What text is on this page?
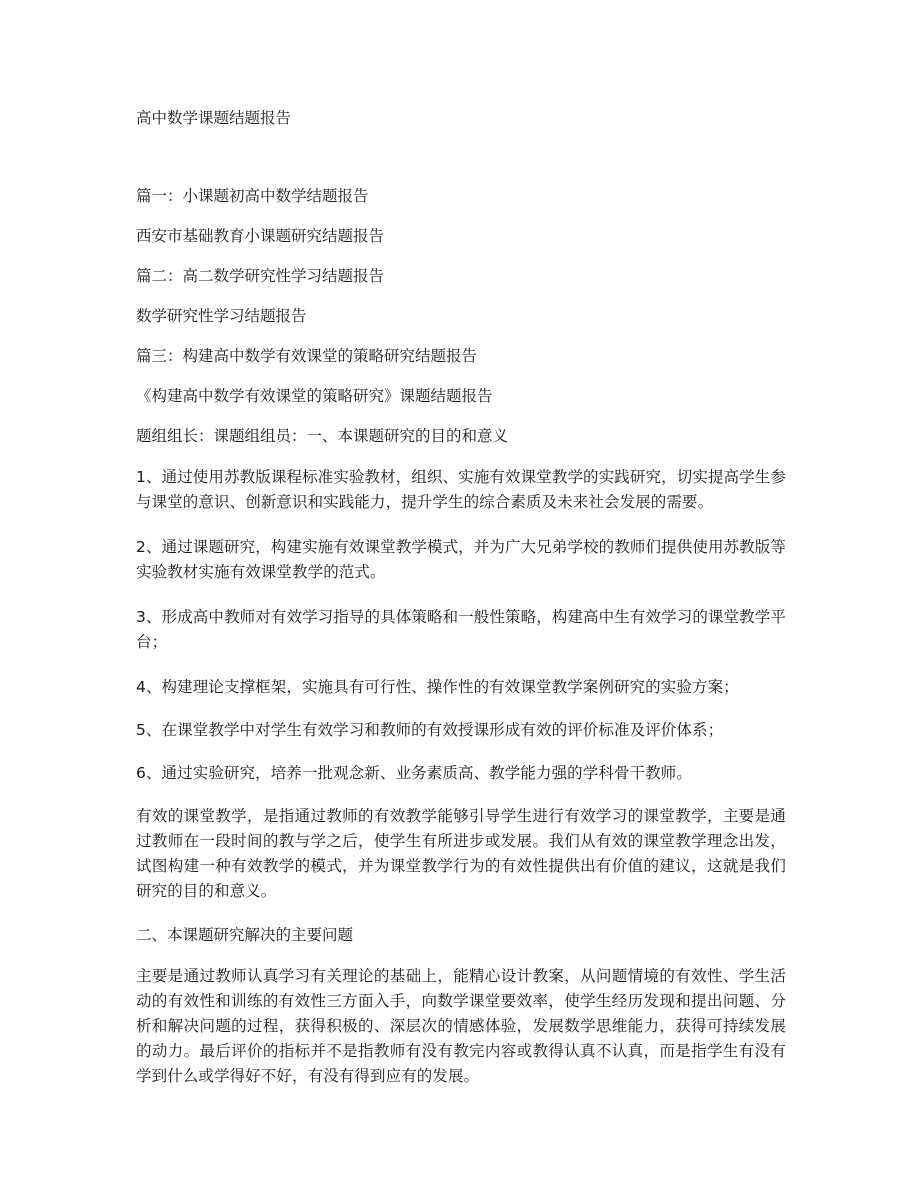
高中数学课题结题报告

篇一：小课题初高中数学结题报告

西安市基础教育小课题研究结题报告

篇二：高二数学研究性学习结题报告

数学研究性学习结题报告

篇三：构建高中数学有效课堂的策略研究结题报告

《构建高中数学有效课堂的策略研究》课题结题报告

题组组长：课题组组员：一、本课题研究的目的和意义

1、通过使用苏教版课程标准实验教材，组织、实施有效课堂教学的实践研究，切实提高学生参与课堂的意识、创新意识和实践能力，提升学生的综合素质及未来社会发展的需要。

2、通过课题研究，构建实施有效课堂教学模式，并为广大兄弟学校的教师们提供使用苏教版等实验教材实施有效课堂教学的范式。

3、形成高中教师对有效学习指导的具体策略和一般性策略，构建高中生有效学习的课堂教学平台；

4、构建理论支撑框架，实施具有可行性、操作性的有效课堂教学案例研究的实验方案；

5、在课堂教学中对学生有效学习和教师的有效授课形成有效的评价标准及评价体系；

6、通过实验研究，培养一批观念新、业务素质高、教学能力强的学科骨干教师。

有效的课堂教学，是指通过教师的有效教学能够引导学生进行有效学习的课堂教学，主要是通过教师在一段时间的教与学之后，使学生有所进步或发展。我们从有效的课堂教学理念出发，试图构建一种有效教学的模式，并为课堂教学行为的有效性提供出有价值的建议，这就是我们研究的目的和意义。

二、本课题研究解决的主要问题

主要是通过教师认真学习有关理论的基础上，能精心设计教案，从问题情境的有效性、学生活动的有效性和训练的有效性三方面入手，向数学课堂要效率，使学生经历发现和提出问题、分析和解决问题的过程，获得积极的、深层次的情感体验，发展数学思维能力，获得可持续发展的动力。最后评价的指标并不是指教师有没有教完内容或教得认真不认真，而是指学生有没有学到什么或学得好不好，有没有得到应有的发展。
